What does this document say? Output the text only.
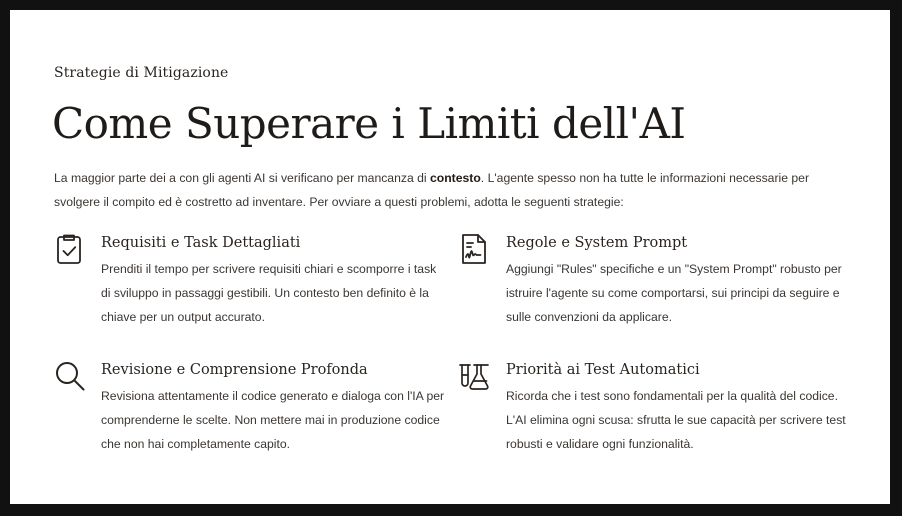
Strategie di Mitigazione
Come Superare i Limiti dell'AI

La maggior parte dei a con gli agenti AI si verificano per mancanza di contesto. L'agente spesso non ha tutte le informazioni necessarie per svolgere il compito ed è costretto ad inventare. Per ovviare a questi problemi, adotta le seguenti strategie:

Requisiti e Task Dettagliati

Prenditi il tempo per scrivere requisiti chiari e scomporre i task di sviluppo in passaggi gestibili. Un contesto ben definito è la chiave per un output accurato.

Regole e System Prompt

Aggiungi "Rules" specifiche e un "System Prompt" robusto per istruire l'agente su come comportarsi, sui principi da seguire e sulle convenzioni da applicare.

Revisione e Comprensione Profonda

Revisiona attentamente il codice generato e dialoga con l'IA per comprenderne le scelte. Non mettere mai in produzione codice che non hai completamente capito.

Priorità ai Test Automatici

Ricorda che i test sono fondamentali per la qualità del codice. L'AI elimina ogni scusa: sfrutta le sue capacità per scrivere test robusti e validare ogni funzionalità.
